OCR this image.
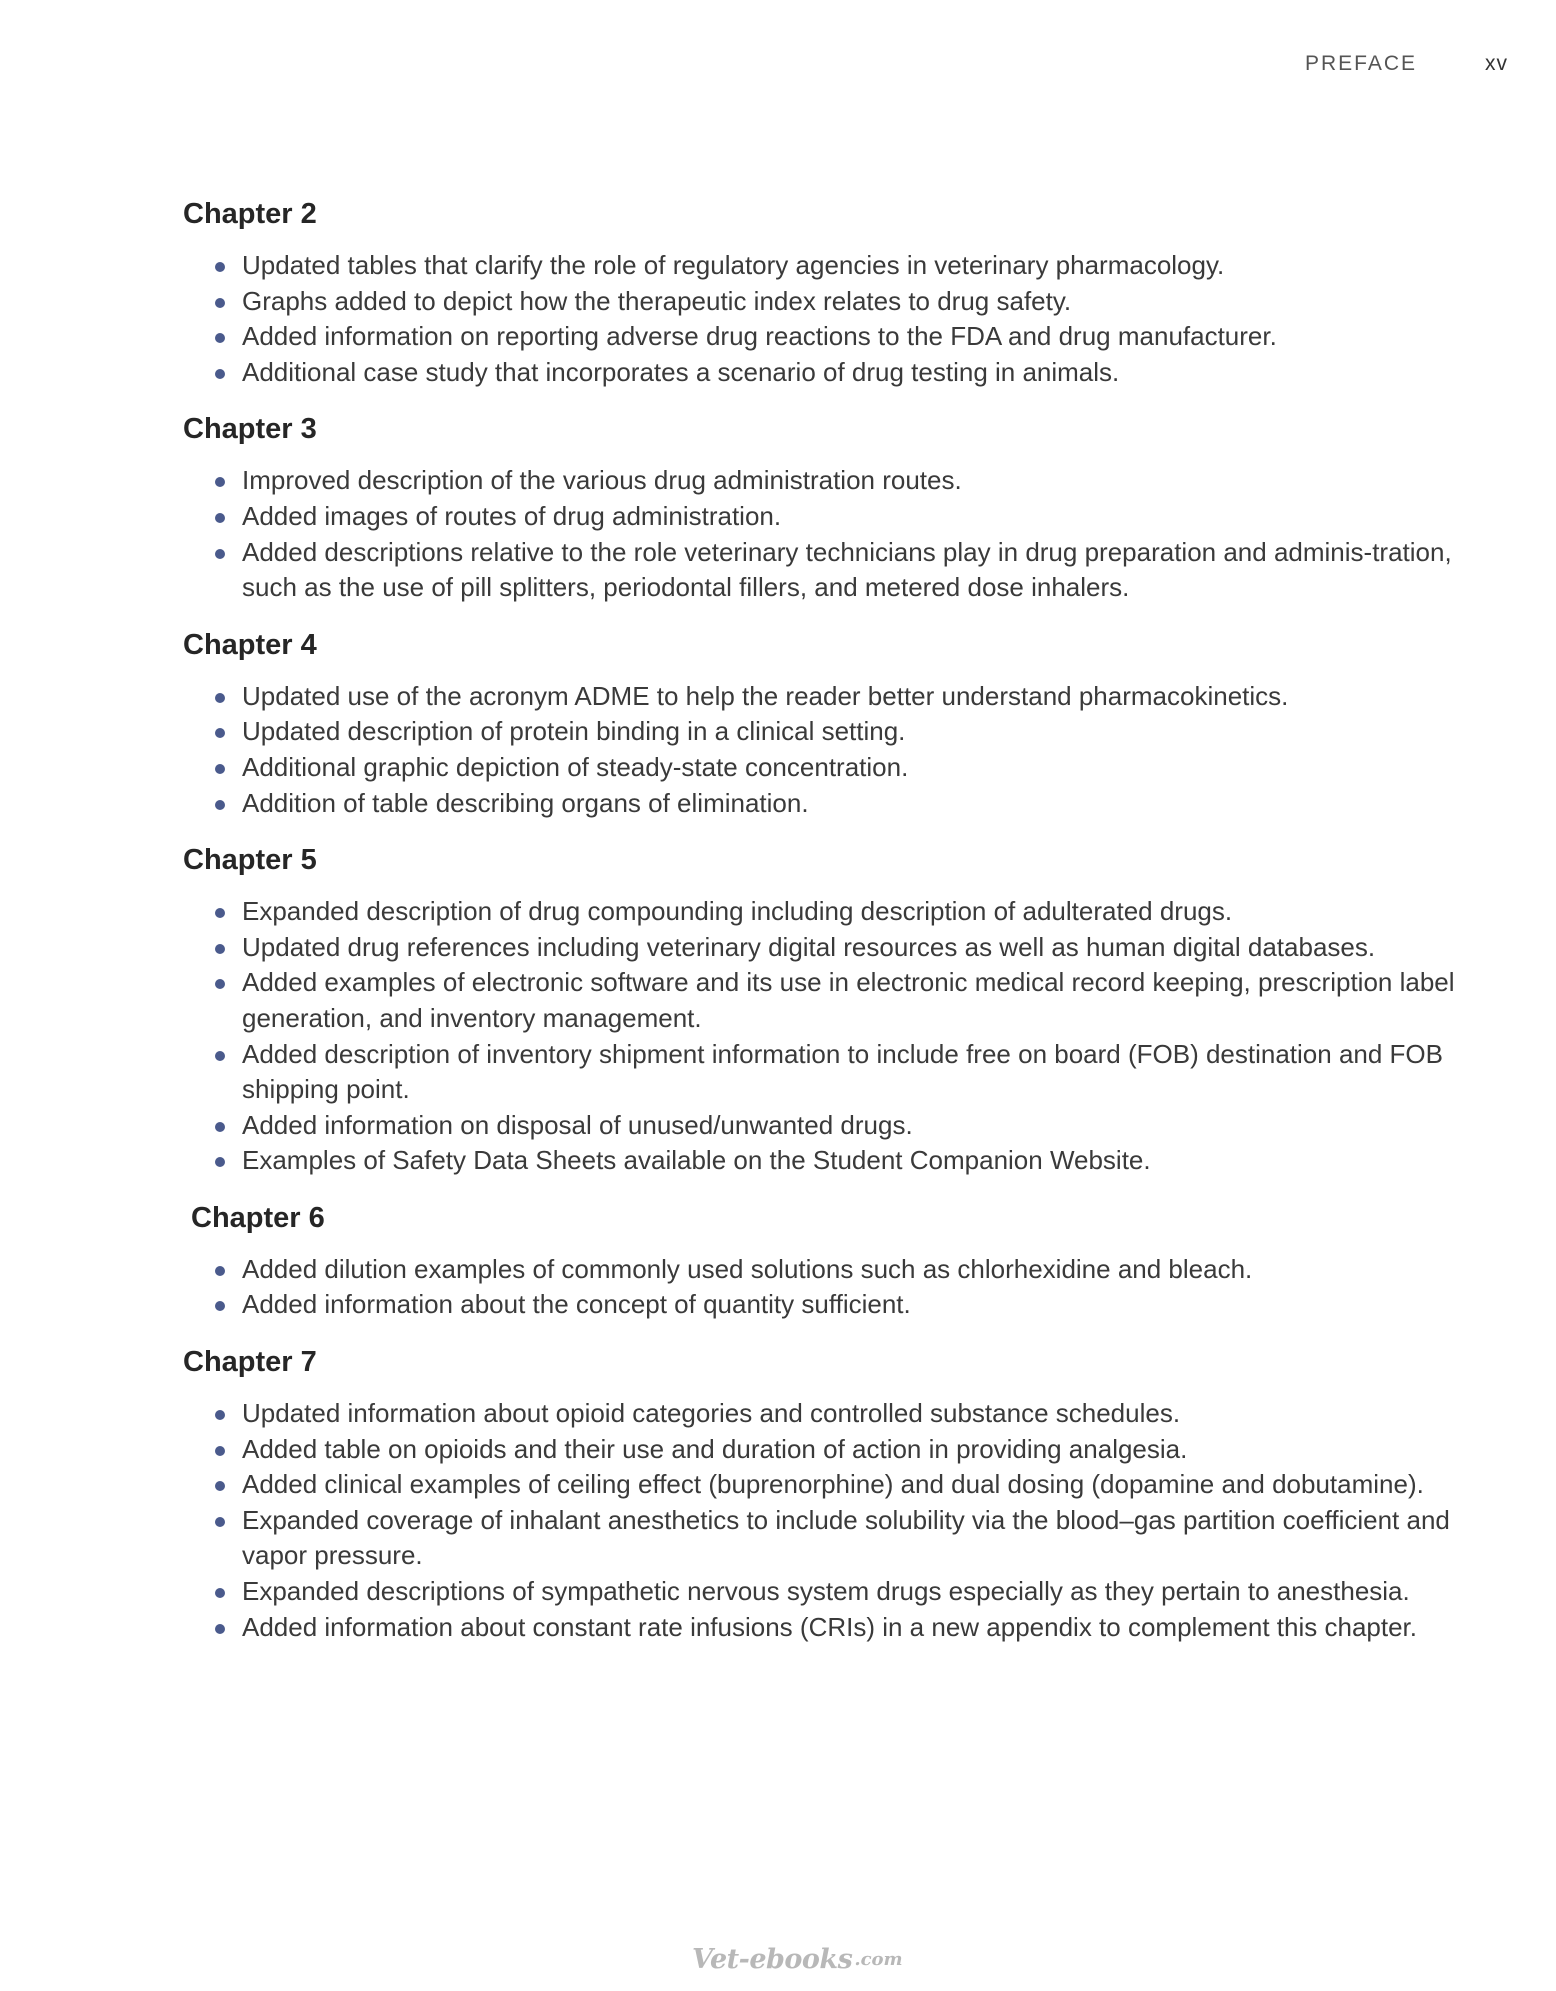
PREFACE	xv
Chapter 2
Updated tables that clarify the role of regulatory agencies in veterinary pharmacology.
Graphs added to depict how the therapeutic index relates to drug safety.
Added information on reporting adverse drug reactions to the FDA and drug manufacturer.
Additional case study that incorporates a scenario of drug testing in animals.
Chapter 3
Improved description of the various drug administration routes.
Added images of routes of drug administration.
Added descriptions relative to the role veterinary technicians play in drug preparation and adminis-tration, such as the use of pill splitters, periodontal fillers, and metered dose inhalers.
Chapter 4
Updated use of the acronym ADME to help the reader better understand pharmacokinetics.
Updated description of protein binding in a clinical setting.
Additional graphic depiction of steady-state concentration.
Addition of table describing organs of elimination.
Chapter 5
Expanded description of drug compounding including description of adulterated drugs.
Updated drug references including veterinary digital resources as well as human digital databases.
Added examples of electronic software and its use in electronic medical record keeping, prescription label generation, and inventory management.
Added description of inventory shipment information to include free on board (FOB) destination and FOB shipping point.
Added information on disposal of unused/unwanted drugs.
Examples of Safety Data Sheets available on the Student Companion Website.
Chapter 6
Added dilution examples of commonly used solutions such as chlorhexidine and bleach.
Added information about the concept of quantity sufficient.
Chapter 7
Updated information about opioid categories and controlled substance schedules.
Added table on opioids and their use and duration of action in providing analgesia.
Added clinical examples of ceiling effect (buprenorphine) and dual dosing (dopamine and dobutamine).
Expanded coverage of inhalant anesthetics to include solubility via the blood–gas partition coefficient and vapor pressure.
Expanded descriptions of sympathetic nervous system drugs especially as they pertain to anesthesia.
Added information about constant rate infusions (CRIs) in a new appendix to complement this chapter.
Vet-ebooks .com
